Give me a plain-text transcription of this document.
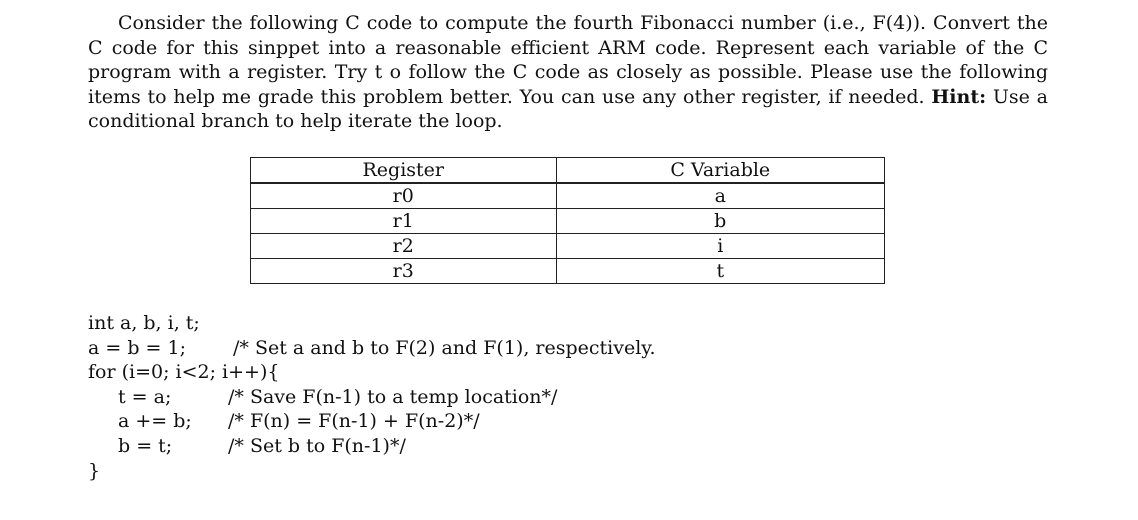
Consider the following C code to compute the fourth Fibonacci number (i.e., F(4)). Convert the C code for this sinppet into a reasonable efficient ARM code. Represent each variable of the C program with a register. Try t o follow the C code as closely as possible. Please use the following items to help me grade this problem better. You can use any other register, if needed. Hint: Use a conditional branch to help iterate the loop.

Register	C Variable
r0	a
r1	b
r2	i
r3	t
int a, b, i, t;
a = b = 1; /* Set a and b to F(2) and F(1), respectively.
for (i=0; i<2; i++){
t = a;	/* Save F(n-1) to a temp location*/
a += b; /* F(n) = F(n-1) + F(n-2)*/
b = t;	/* Set b to F(n-1)*/
}
